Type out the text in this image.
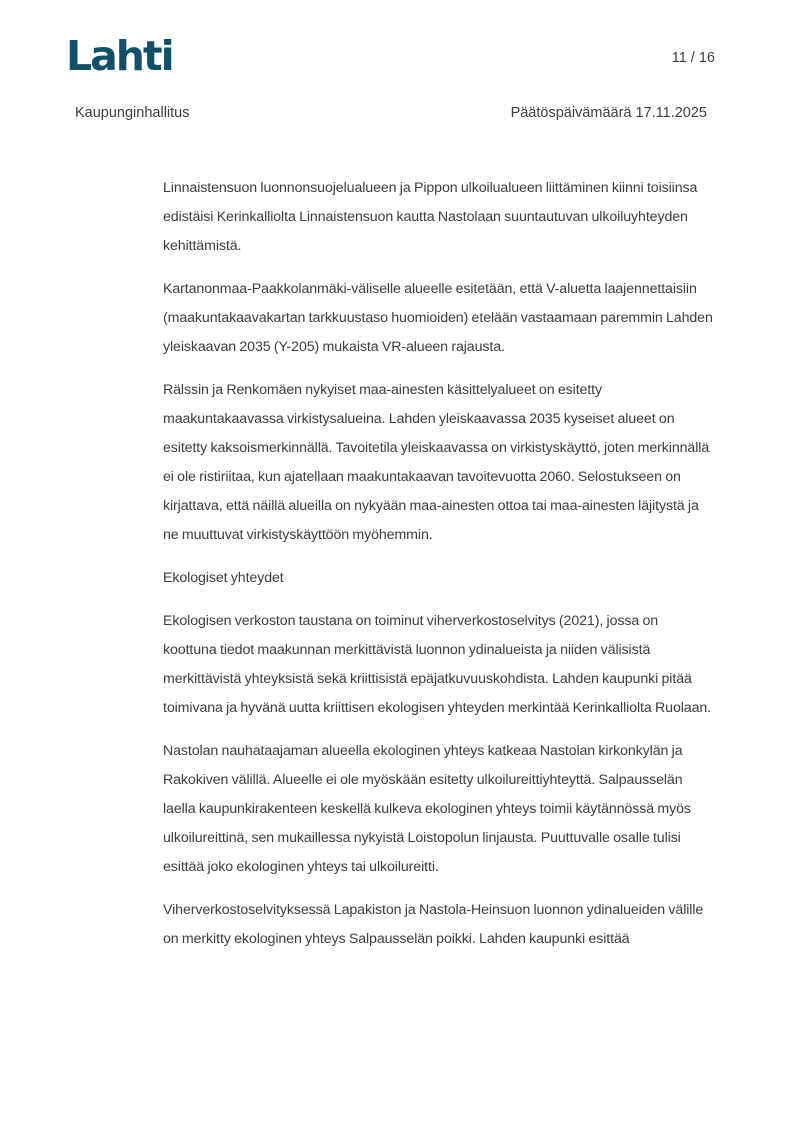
Lahti	11 / 16
Kaupunginhallitus	Päätöspäivämäärä 17.11.2025

Linnaistensuon luonnonsuojelualueen ja Pippon ulkoilualueen liittäminen kiinni toisiinsa edistäisi Kerinkalliolta Linnaistensuon kautta Nastolaan suuntautuvan ulkoiluyhteyden kehittämistä.

Kartanonmaa-Paakkolanmäki-väliselle alueelle esitetään, että V-aluetta laajennettaisiin (maakuntakaavakartan tarkkuustaso huomioiden) etelään vastaamaan paremmin Lahden yleiskaavan 2035 (Y-205) mukaista VR-alueen rajausta.

Rälssin ja Renkomäen nykyiset maa-ainesten käsittelyalueet on esitetty maakuntakaavassa virkistysalueina. Lahden yleiskaavassa 2035 kyseiset alueet on esitetty kaksoismerkinnällä. Tavoitetila yleiskaavassa on virkistyskäyttö, joten merkinnällä ei ole ristiriitaa, kun ajatellaan maakuntakaavan tavoitevuotta 2060. Selostukseen on kirjattava, että näillä alueilla on nykyään maa-ainesten ottoa tai maa-ainesten läjitystä ja ne muuttuvat virkistyskäyttöön myöhemmin.

Ekologiset yhteydet

Ekologisen verkoston taustana on toiminut viherverkostoselvitys (2021), jossa on koottuna tiedot maakunnan merkittävistä luonnon ydinalueista ja niiden välisistä merkittävistä yhteyksistä sekä kriittisistä epäjatkuvuuskohdista. Lahden kaupunki pitää toimivana ja hyvänä uutta kriittisen ekologisen yhteyden merkintää Kerinkalliolta Ruolaan.

Nastolan nauhataajaman alueella ekologinen yhteys katkeaa Nastolan kirkonkylän ja Rakokiven välillä. Alueelle ei ole myöskään esitetty ulkoilureittiyhteyttä. Salpausselän laella kaupunkirakenteen keskellä kulkeva ekologinen yhteys toimii käytännössä myös ulkoilureittinä, sen mukaillessa nykyistä Loistopolun linjausta. Puuttuvalle osalle tulisi esittää joko ekologinen yhteys tai ulkoilureitti.

Viherverkostoselvityksessä Lapakiston ja Nastola-Heinsuon luonnon ydinalueiden välille on merkitty ekologinen yhteys Salpausselän poikki. Lahden kaupunki esittää
